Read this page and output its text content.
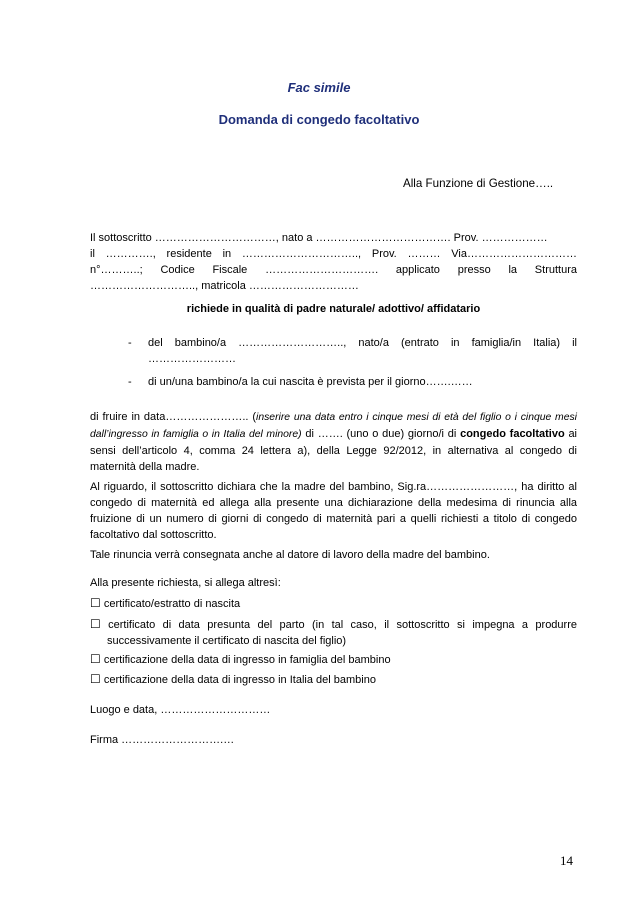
Fac simile
Domanda di congedo facoltativo
Alla Funzione di Gestione…..
Il sottoscritto ……………………………, nato a ………………………………. Prov. ………………
il …………., residente in ………………………….., Prov. ……… Via…………………………
n°………..; Codice Fiscale …………………………. applicato presso la Struttura
……………………….., matricola …………………………
richiede in qualità di padre naturale/ adottivo/ affidatario
- del bambino/a ……………………….., nato/a (entrato in famiglia/in Italia) il
……………………
- di un/una bambino/a la cui nascita è prevista per il giorno…….……
di fruire in data………………….. (inserire una data entro i cinque mesi di età del figlio o i cinque mesi dall’ingresso in famiglia o in Italia del minore) di ……. (uno o due) giorno/i di congedo facoltativo ai sensi dell’articolo 4, comma 24 lettera a), della Legge 92/2012, in alternativa al congedo di maternità della madre.
Al riguardo, il sottoscritto dichiara che la madre del bambino, Sig.ra……………………, ha diritto al congedo di maternità ed allega alla presente una dichiarazione della medesima di rinuncia alla fruizione di un numero di giorni di congedo di maternità pari a quelli richiesti a titolo di congedo facoltativo dal sottoscritto.
Tale rinuncia verrà consegnata anche al datore di lavoro della madre del bambino.
Alla presente richiesta, si allega altresì:
☐ certificato/estratto di nascita
☐ certificato di data presunta del parto (in tal caso, il sottoscritto si impegna a produrre
successivamente il certificato di nascita del figlio)
☐ certificazione della data di ingresso in famiglia del bambino
☐ certificazione della data di ingresso in Italia del bambino
Luogo e data, …………………………
Firma ……………………….…
14
